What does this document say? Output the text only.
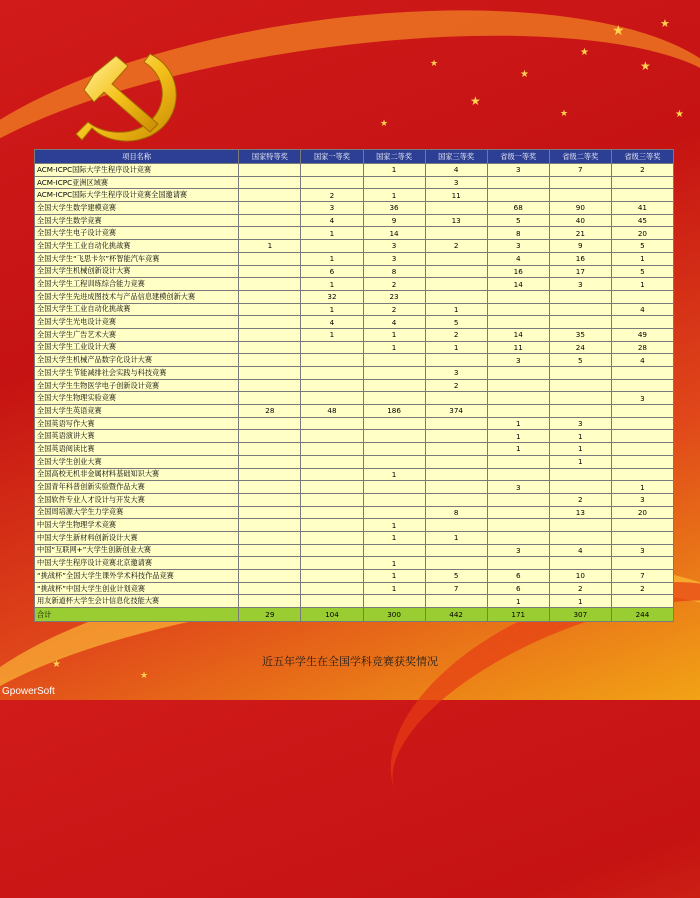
★	★
★
★
★
★
★
★
★
★
★
★
项目名称	国家特等奖	国家一等奖	国家二等奖	国家三等奖	省级一等奖	省级二等奖	省级三等奖
ACM-ICPC国际大学生程序设计竞赛			1	4	3	7	2
ACM-ICPC亚洲区域赛				3			
ACM-ICPC国际大学生程序设计竞赛全国邀请赛		2	1	11			
全国大学生数学建模竞赛		3	36		68	90	41
全国大学生数学竞赛		4	9	13	5	40	45
全国大学生电子设计竞赛		1	14		8	21	20
全国大学生工业自动化挑战赛	1		3	2	3	9	5
全国大学生“飞思卡尔”杯智能汽车竞赛		1	3		4	16	1
全国大学生机械创新设计大赛		6	8		16	17	5
全国大学生工程训练综合能力竞赛		1	2		14	3	1
全国大学生先进成图技术与产品信息建模创新大赛		32	23				
全国大学生工业自动化挑战赛		1	2	1			4
全国大学生光电设计竞赛		4	4	5			
全国大学生广告艺术大赛		1	1	2	14	35	49
全国大学生工业设计大赛			1	1	11	24	28
全国大学生机械产品数字化设计大赛					3	5	4
全国大学生节能减排社会实践与科技竞赛				3			
全国大学生生物医学电子创新设计竞赛				2			
全国大学生物理实验竞赛							3
全国大学生英语竞赛	28	48	186	374			
全国英语写作大赛					1	3	
全国英语演讲大赛					1	1	
全国英语阅读比赛					1	1	
全国大学生创业大赛						1	
全国高校无机非金属材料基础知识大赛			1				
全国青年科普创新实验暨作品大赛					3		1
全国软件专业人才设计与开发大赛						2	3
全国周培源大学生力学竞赛				8		13	20
中国大学生物理学术竞赛			1				
中国大学生新材料创新设计大赛			1	1			
中国“互联网+”大学生创新创业大赛					3	4	3
中国大学生程序设计竞赛北京邀请赛			1				
“挑战杯”全国大学生课外学术科技作品竞赛			1	5	6	10	7
“挑战杯”中国大学生创业计划竞赛			1	7	6	2	2
用友新道杯大学生会计信息化技能大赛					1	1	
合计	29	104	300	442	171	307	244
近五年学生在全国学科竞赛获奖情况
GpowerSoft
